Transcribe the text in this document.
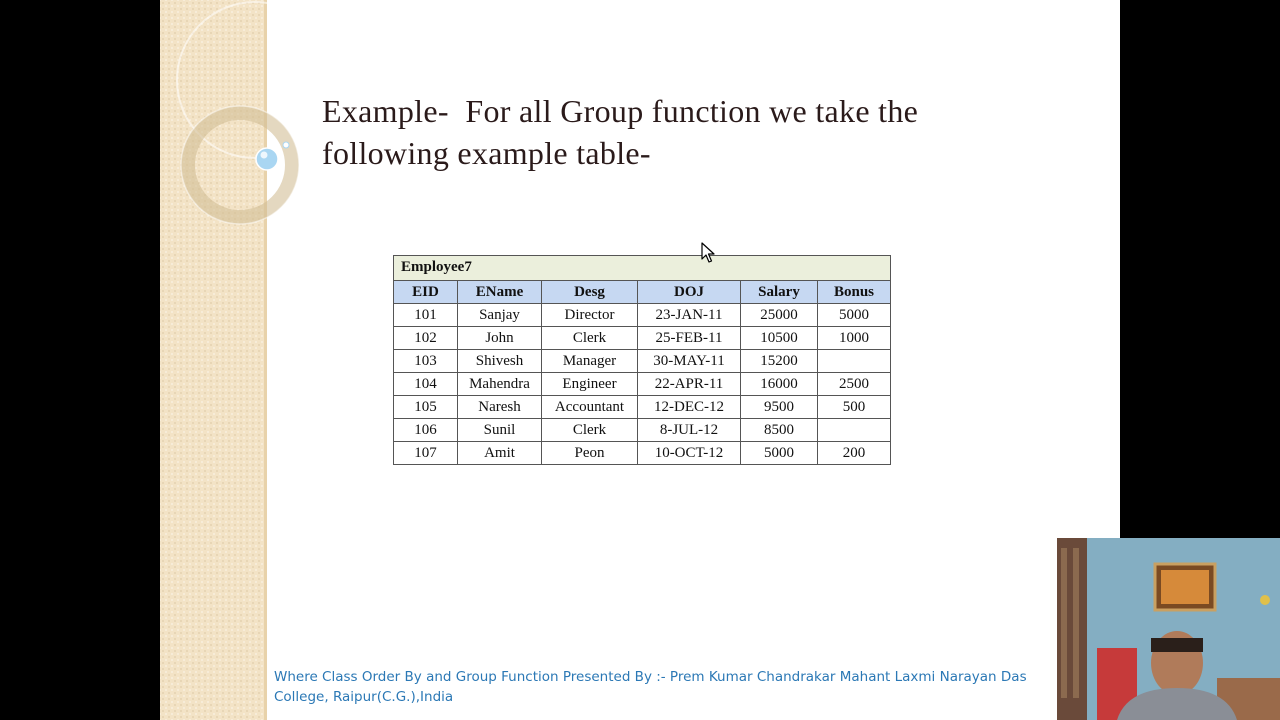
Example-  For all Group function we take the following example table-
Employee7
EID	EName	Desg	DOJ	Salary	Bonus
101	Sanjay	Director	23-JAN-11	25000	5000
102	John	Clerk	25-FEB-11	10500	1000
103	Shivesh	Manager	30-MAY-11	15200	
104	Mahendra	Engineer	22-APR-11	16000	2500
105	Naresh	Accountant	12-DEC-12	9500	500
106	Sunil	Clerk	8-JUL-12	8500	
107	Amit	Peon	10-OCT-12	5000	200

Where Class Order By and Group Function Presented By :- Prem Kumar Chandrakar Mahant Laxmi Narayan Das College, Raipur(C.G.),India
